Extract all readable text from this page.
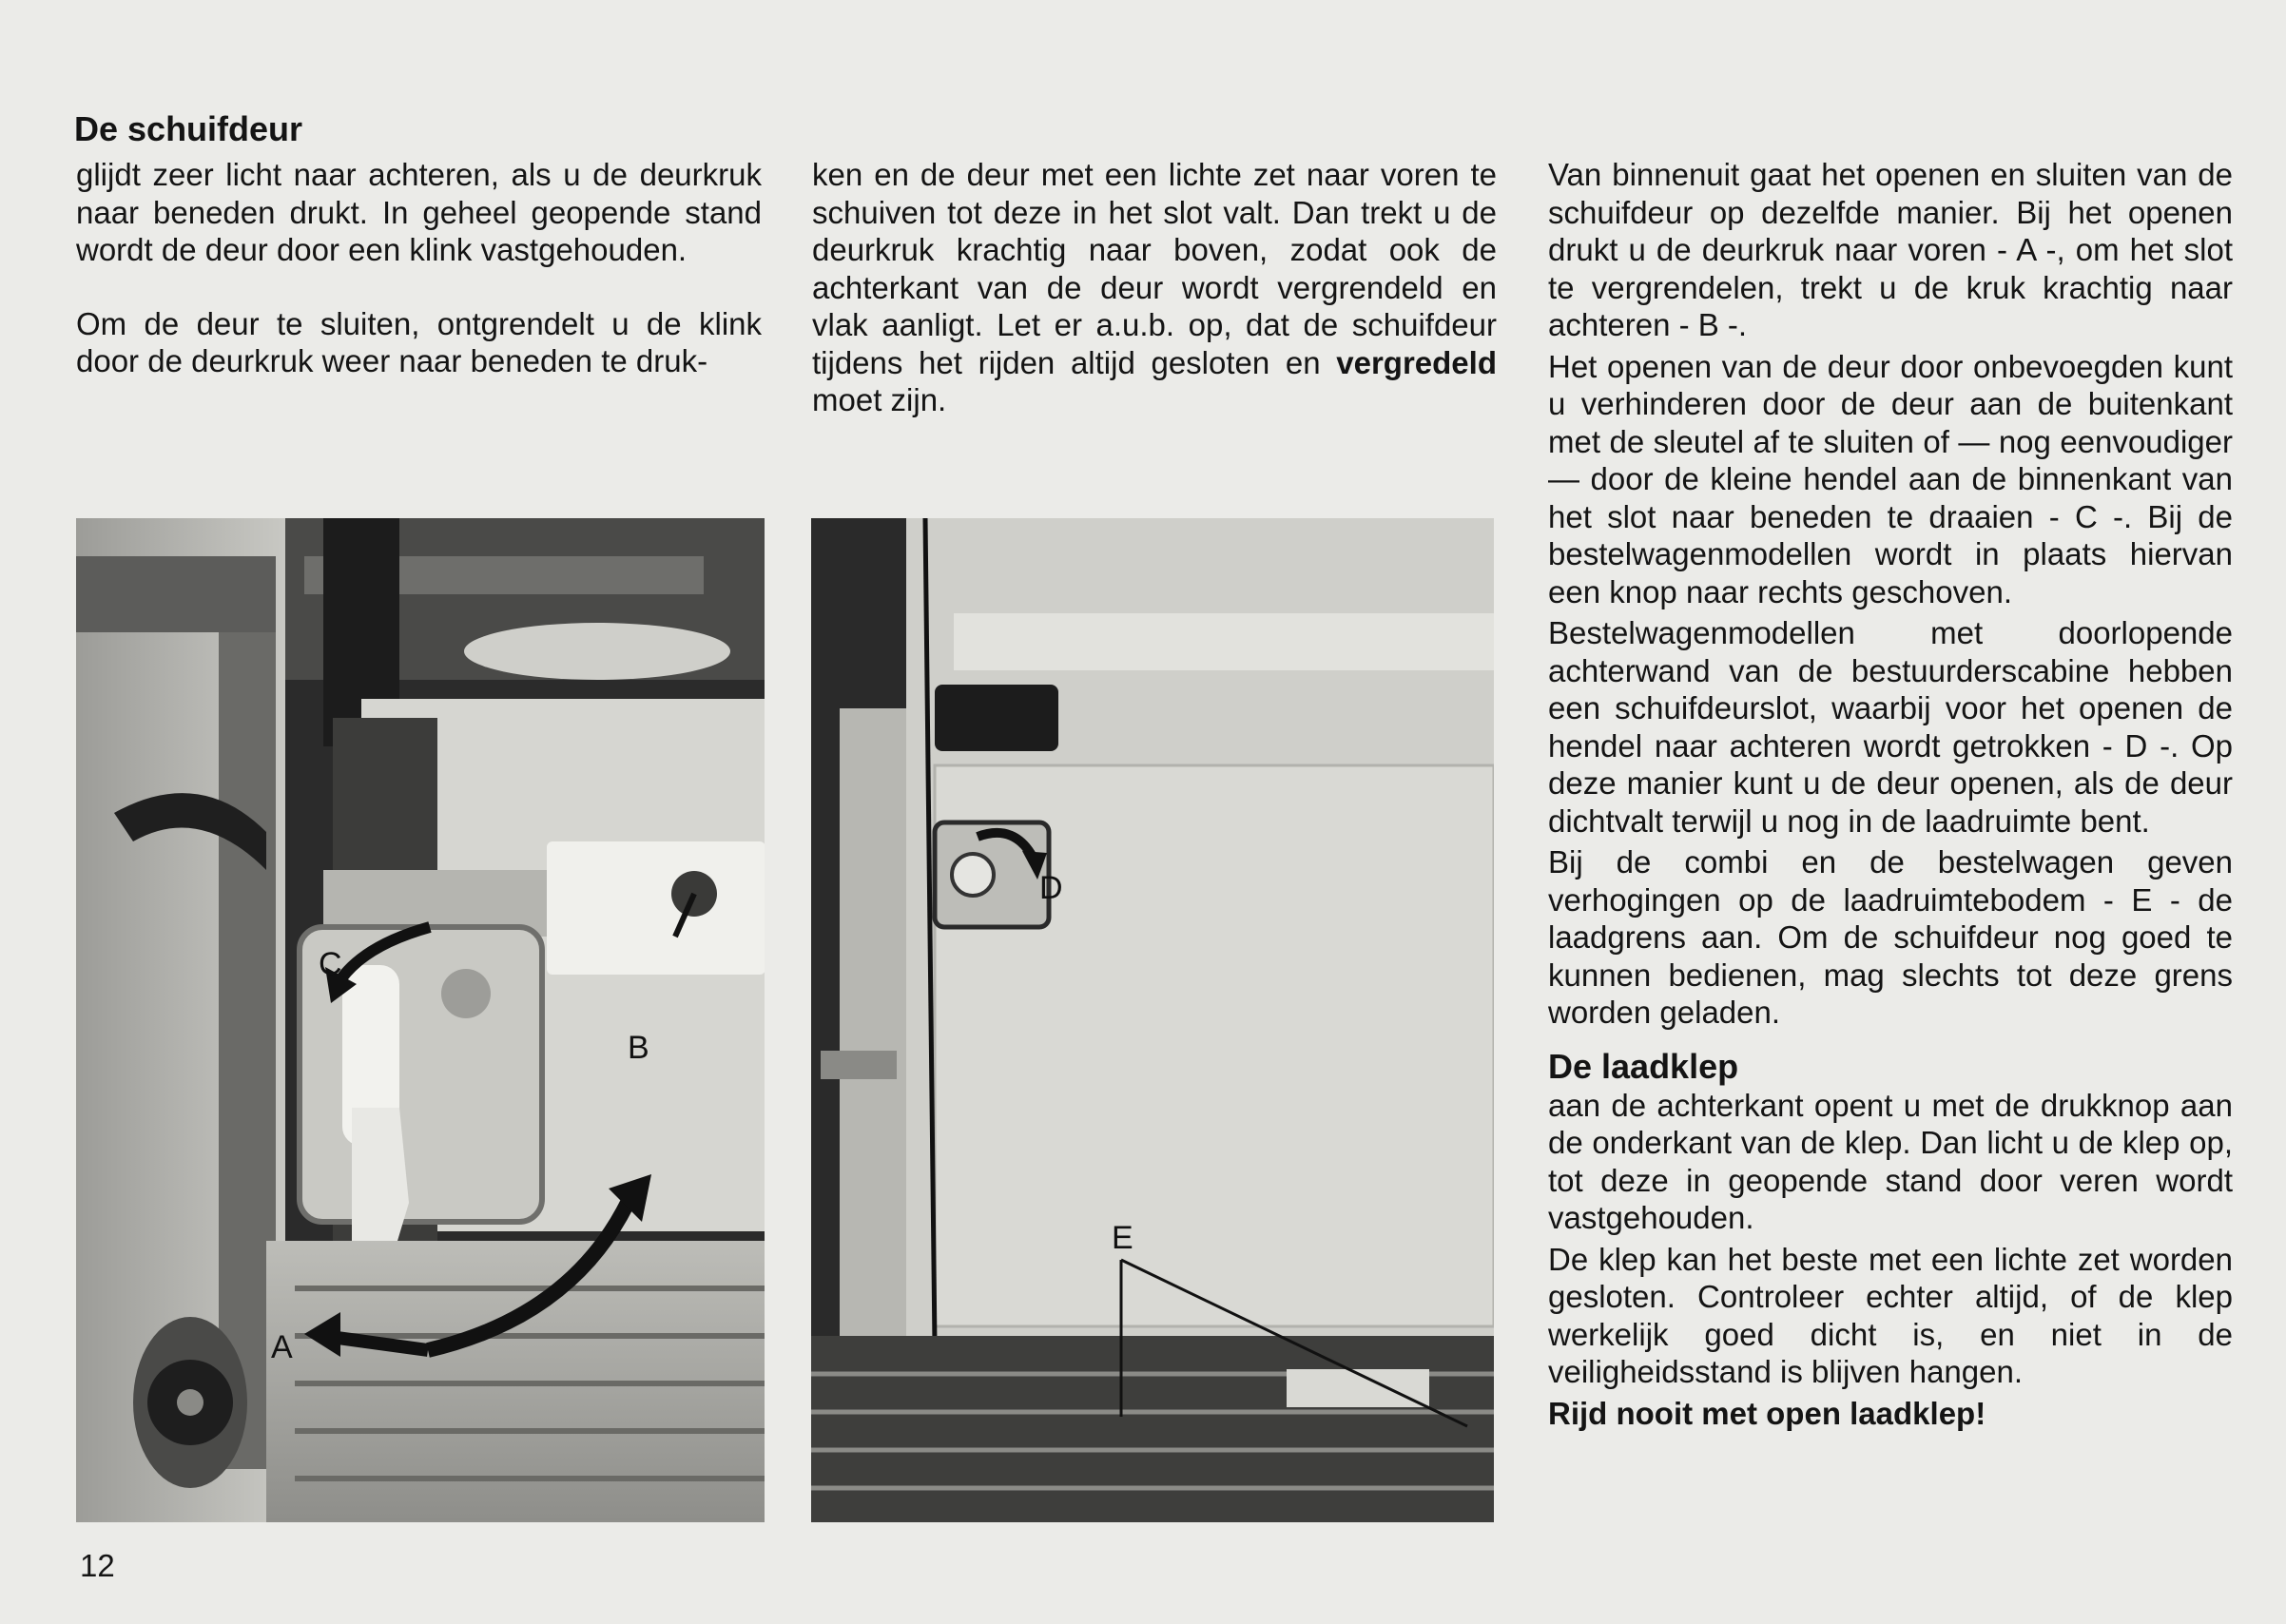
De schuifdeur

glijdt zeer licht naar achteren, als u de deurkruk naar beneden drukt. In geheel geopende stand wordt de deur door een klink vastgehouden.

Om de deur te sluiten, ontgrendelt u de klink door de deurkruk weer naar beneden te druk-

ken en de deur met een lichte zet naar voren te schuiven tot deze in het slot valt. Dan trekt u de deurkruk krachtig naar boven, zodat ook de achterkant van de deur wordt vergrendeld en vlak aanligt. Let er a.u.b. op, dat de schuifdeur tijdens het rijden altijd gesloten en vergredeld moet zijn.

Van binnenuit gaat het openen en sluiten van de schuifdeur op dezelfde manier. Bij het openen drukt u de deurkruk naar voren - A -, om het slot te vergrendelen, trekt u de kruk krachtig naar achteren - B -.

Het openen van de deur door onbevoegden kunt u verhinderen door de deur aan de buitenkant met de sleutel af te sluiten of — nog eenvoudiger — door de kleine hendel aan de binnenkant van het slot naar beneden te draaien - C -. Bij de bestelwagenmodellen wordt in plaats hiervan een knop naar rechts geschoven.

Bestelwagenmodellen met doorlopende achterwand van de bestuurderscabine hebben een schuifdeurslot, waarbij voor het openen de hendel naar achteren wordt getrokken - D -. Op deze manier kunt u de deur openen, als de deur dichtvalt terwijl u nog in de laadruimte bent.

Bij de combi en de bestelwagen geven verhogingen op de laadruimtebodem - E - de laadgrens aan. Om de schuifdeur nog goed te kunnen bedienen, mag slechts tot deze grens worden geladen.

De laadklep

aan de achterkant opent u met de drukknop aan de onderkant van de klep. Dan licht u de klep op, tot deze in geopende stand door veren wordt vastgehouden.

De klep kan het beste met een lichte zet worden gesloten. Controleer echter altijd, of de klep werkelijk goed dicht is, en niet in de veiligheidsstand is blijven hangen.

Rijd nooit met open laadklep!

C
B
A
D
E
12
